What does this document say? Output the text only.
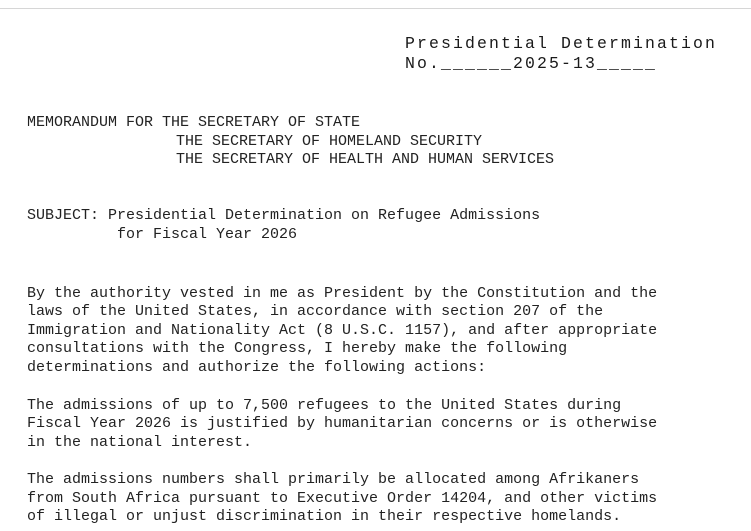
Presidential Determination
No.______2025-13_____
MEMORANDUM FOR THE SECRETARY OF STATE
THE SECRETARY OF HOMELAND SECURITY
THE SECRETARY OF HEALTH AND HUMAN SERVICES
SUBJECT: Presidential Determination on Refugee Admissions
for Fiscal Year 2026
By the authority vested in me as President by the Constitution and the
laws of the United States, in accordance with section 207 of the
Immigration and Nationality Act (8 U.S.C. 1157), and after appropriate
consultations with the Congress, I hereby make the following
determinations and authorize the following actions:
The admissions of up to 7,500 refugees to the United States during
Fiscal Year 2026 is justified by humanitarian concerns or is otherwise
in the national interest.
The admissions numbers shall primarily be allocated among Afrikaners
from South Africa pursuant to Executive Order 14204, and other victims
of illegal or unjust discrimination in their respective homelands.
